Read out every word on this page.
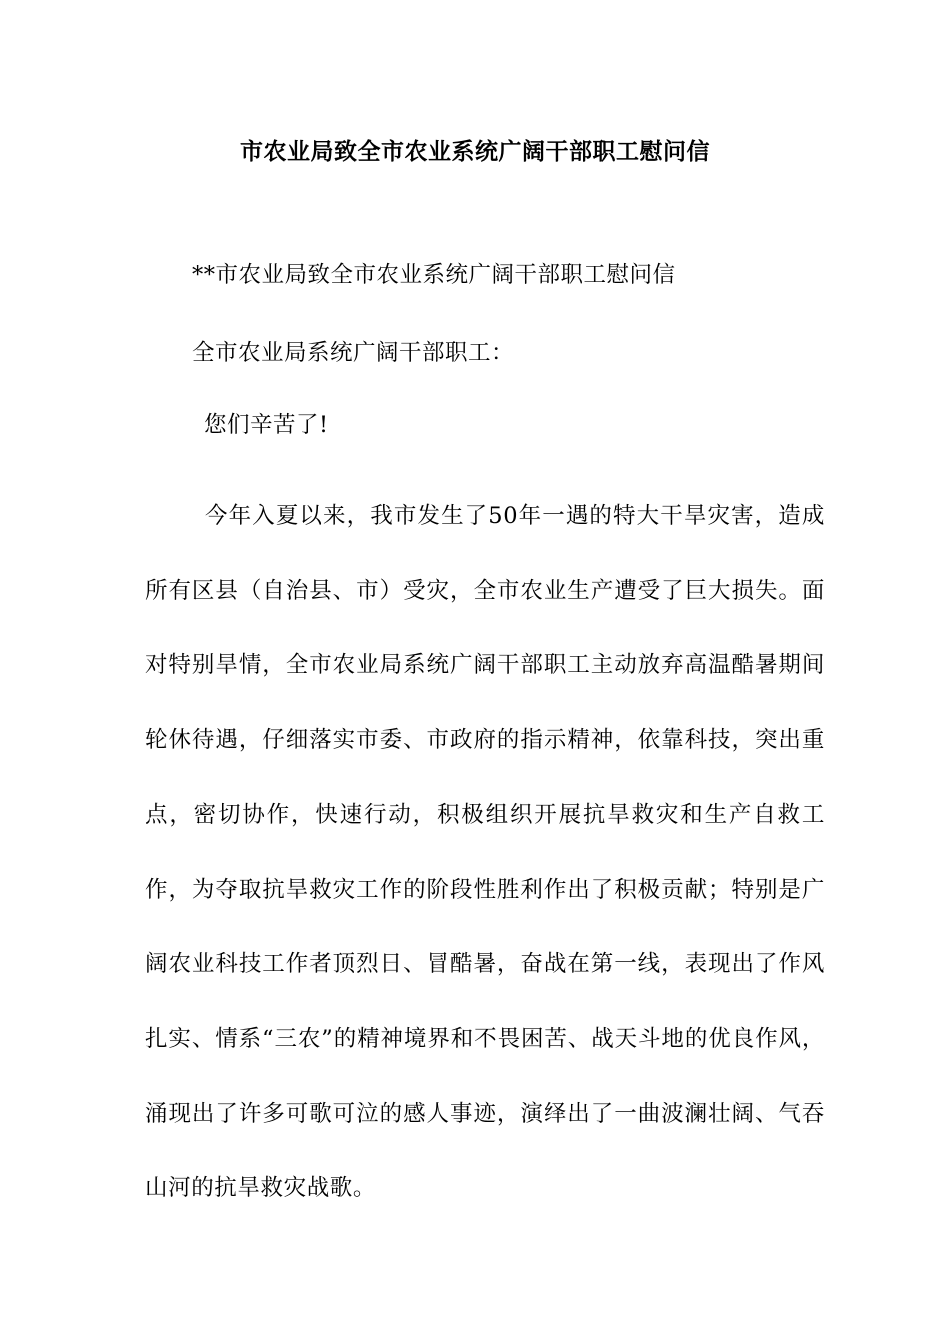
市农业局致全市农业系统广阔干部职工慰问信
**市农业局致全市农业系统广阔干部职工慰问信
全市农业局系统广阔干部职工：
您们辛苦了!
今年入夏以来，我市发生了50年一遇的特大干旱灾害，造成所有区县（自治县、市）受灾，全市农业生产遭受了巨大损失。面对特别旱情，全市农业局系统广阔干部职工主动放弃高温酷暑期间轮休待遇，仔细落实市委、市政府的指示精神，依靠科技，突出重点，密切协作，快速行动，积极组织开展抗旱救灾和生产自救工作，为夺取抗旱救灾工作的阶段性胜利作出了积极贡献；特别是广阔农业科技工作者顶烈日、冒酷暑，奋战在第一线，表现出了作风扎实、情系“三农”的精神境界和不畏困苦、战天斗地的优良作风，涌现出了许多可歌可泣的感人事迹，演绎出了一曲波澜壮阔、气吞山河的抗旱救灾战歌。
